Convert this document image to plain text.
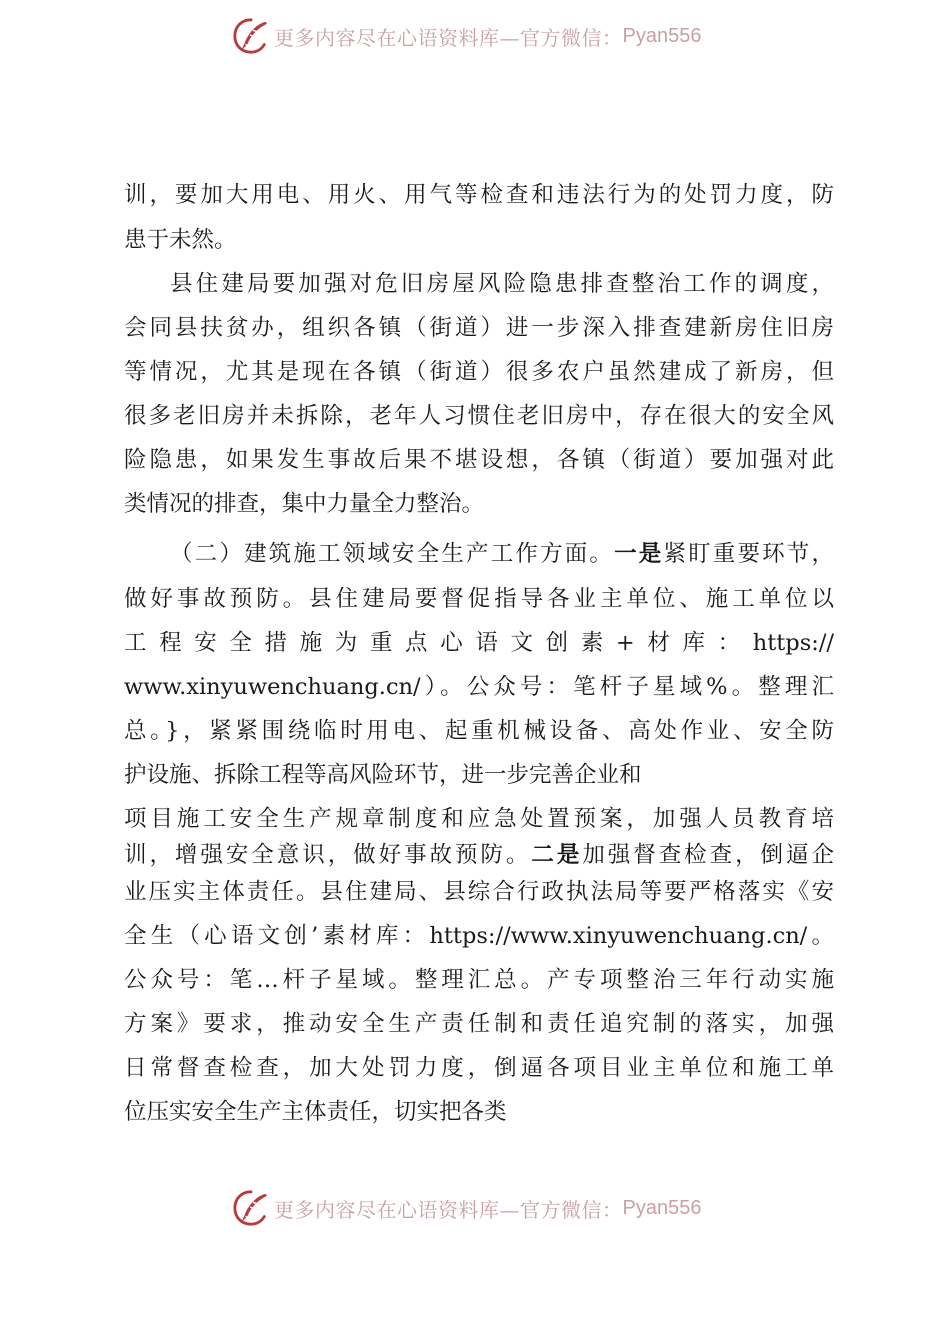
更多内容尽在心语资料库—官方微信： Pyan556
训，要加大用电、用火、用气等检查和违法行为的处罚力度，防
患于未然。
县住建局要加强对危旧房屋风险隐患排查整治工作的调度，
会同县扶贫办，组织各镇（街道）进一步深入排查建新房住旧房
等情况，尤其是现在各镇（街道）很多农户虽然建成了新房，但
很多老旧房并未拆除，老年人习惯住老旧房中，存在很大的安全风
险隐患，如果发生事故后果不堪设想，各镇（街道）要加强对此
类情况的排查，集中力量全力整治。
（二）建筑施工领域安全生产工作方面。一是紧盯重要环节，
做好事故预防。县住建局要督促指导各业主单位、施工单位以
工程安全措施为重点心语文创素+材库：https://
www.xinyuwenchuang.cn/）。公众号：笔杆子星域%。整理汇
总。}，紧紧围绕临时用电、起重机械设备、高处作业、安全防
护设施、拆除工程等高风险环节，进一步完善企业和
项目施工安全生产规章制度和应急处置预案，加强人员教育培
训，增强安全意识，做好事故预防。二是加强督查检查，倒逼企
业压实主体责任。县住建局、县综合行政执法局等要严格落实《安
全生（心语文创’素材库：https://www.xinyuwenchuang.cn/。
公众号：笔…杆子星域。整理汇总。产专项整治三年行动实施
方案》要求，推动安全生产责任制和责任追究制的落实，加强
日常督查检查，加大处罚力度，倒逼各项目业主单位和施工单
位压实安全生产主体责任，切实把各类
更多内容尽在心语资料库—官方微信： Pyan556
